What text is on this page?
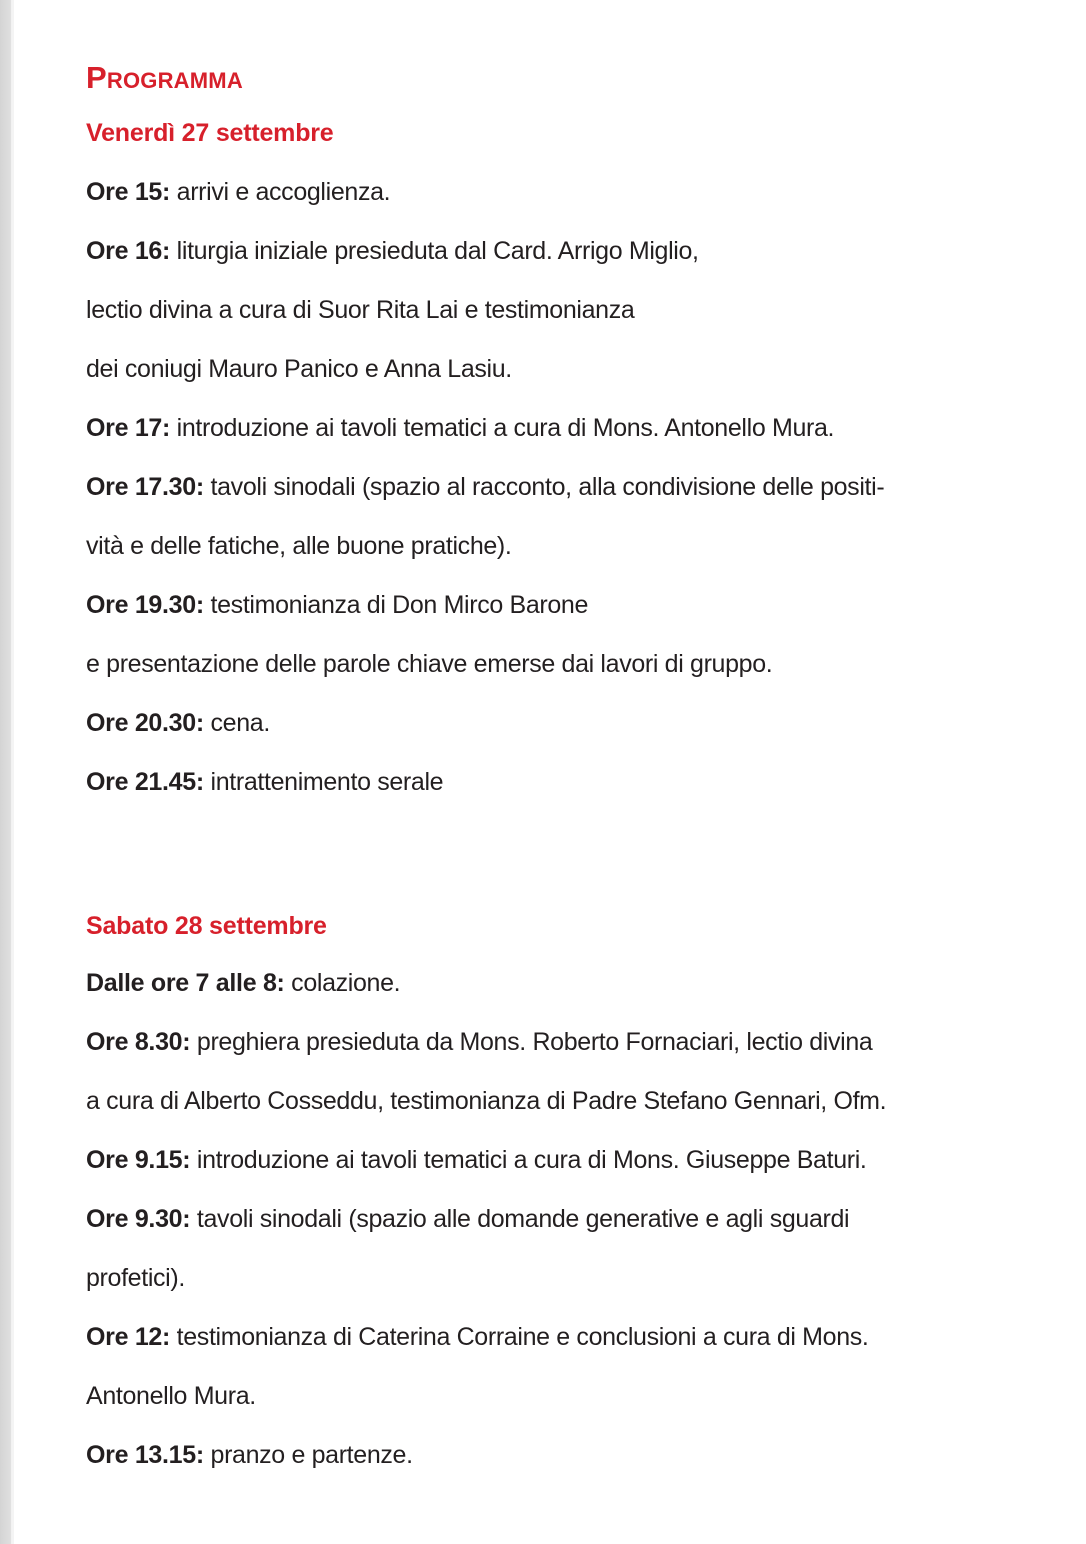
Programma
Venerdì 27 settembre
Ore 15: arrivi e accoglienza.
Ore 16: liturgia iniziale presieduta dal Card. Arrigo Miglio,
lectio divina a cura di Suor Rita Lai e testimonianza
dei coniugi Mauro Panico e Anna Lasiu.
Ore 17: introduzione ai tavoli tematici a cura di Mons. Antonello Mura.
Ore 17.30: tavoli sinodali (spazio al racconto, alla condivisione delle positi-
vità e delle fatiche, alle buone pratiche).
Ore 19.30: testimonianza di Don Mirco Barone
e presentazione delle parole chiave emerse dai lavori di gruppo.
Ore 20.30: cena.
Ore 21.45: intrattenimento serale
Sabato 28 settembre
Dalle ore 7 alle 8: colazione.
Ore 8.30: preghiera presieduta da Mons. Roberto Fornaciari, lectio divina
a cura di Alberto Cosseddu, testimonianza di Padre Stefano Gennari, Ofm.
Ore 9.15: introduzione ai tavoli tematici a cura di Mons. Giuseppe Baturi.
Ore 9.30: tavoli sinodali (spazio alle domande generative e agli sguardi
profetici).
Ore 12: testimonianza di Caterina Corraine e conclusioni a cura di Mons.
Antonello Mura.
Ore 13.15: pranzo e partenze.
